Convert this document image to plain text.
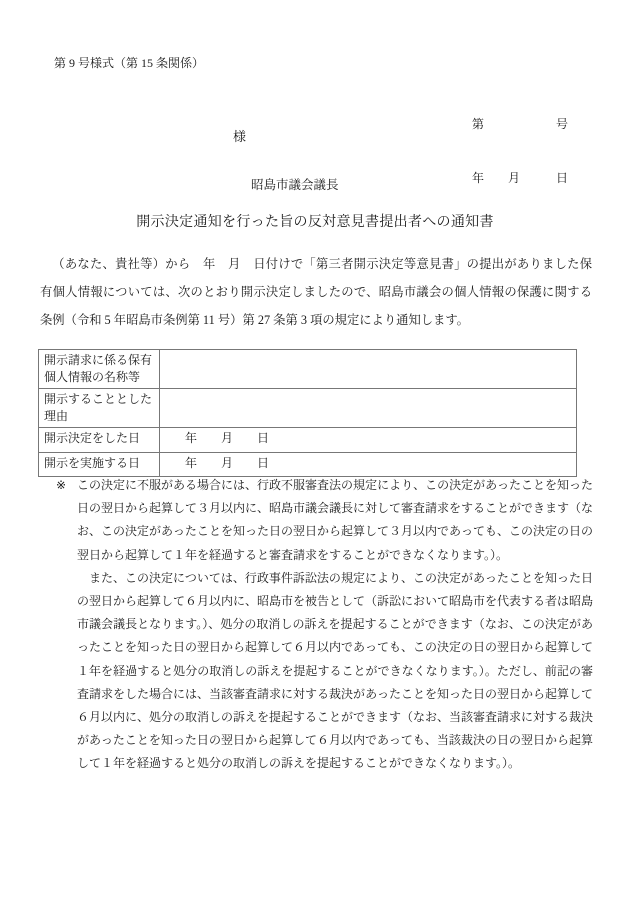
第 9 号様式（第 15 条関係）

第　　　　　　号

年　　月　　　日

様
昭島市議会議長
開示決定通知を行った旨の反対意見書提出者への通知書

（あなた、貴社等）から　年　月　日付けで「第三者開示決定等意見書」の提出がありました保有個人情報については、次のとおり開示決定しましたので、昭島市議会の個人情報の保護に関する条例（令和 5 年昭島市条例第 11 号）第 27 条第 3 項の規定により通知します。

開示請求に係る保有個人情報の名称等	
開示することとした理由	
開示決定をした日	年　　月　　日
開示を実施する日	年　　月　　日
※ この決定に不服がある場合には、行政不服審査法の規定により、この決定があったことを知った日の翌日から起算して３月以内に、昭島市議会議長に対して審査請求をすることができます（なお、この決定があったことを知った日の翌日から起算して３月以内であっても、この決定の日の翌日から起算して１年を経過すると審査請求をすることができなくなります。）。

また、この決定については、行政事件訴訟法の規定により、この決定があったことを知った日の翌日から起算して６月以内に、昭島市を被告として（訴訟において昭島市を代表する者は昭島市議会議長となります。）、処分の取消しの訴えを提起することができます（なお、この決定があったことを知った日の翌日から起算して６月以内であっても、この決定の日の翌日から起算して１年を経過すると処分の取消しの訴えを提起することができなくなります。）。ただし、前記の審査請求をした場合には、当該審査請求に対する裁決があったことを知った日の翌日から起算して６月以内に、処分の取消しの訴えを提起することができます（なお、当該審査請求に対する裁決があったことを知った日の翌日から起算して６月以内であっても、当該裁決の日の翌日から起算して１年を経過すると処分の取消しの訴えを提起することができなくなります。）。
